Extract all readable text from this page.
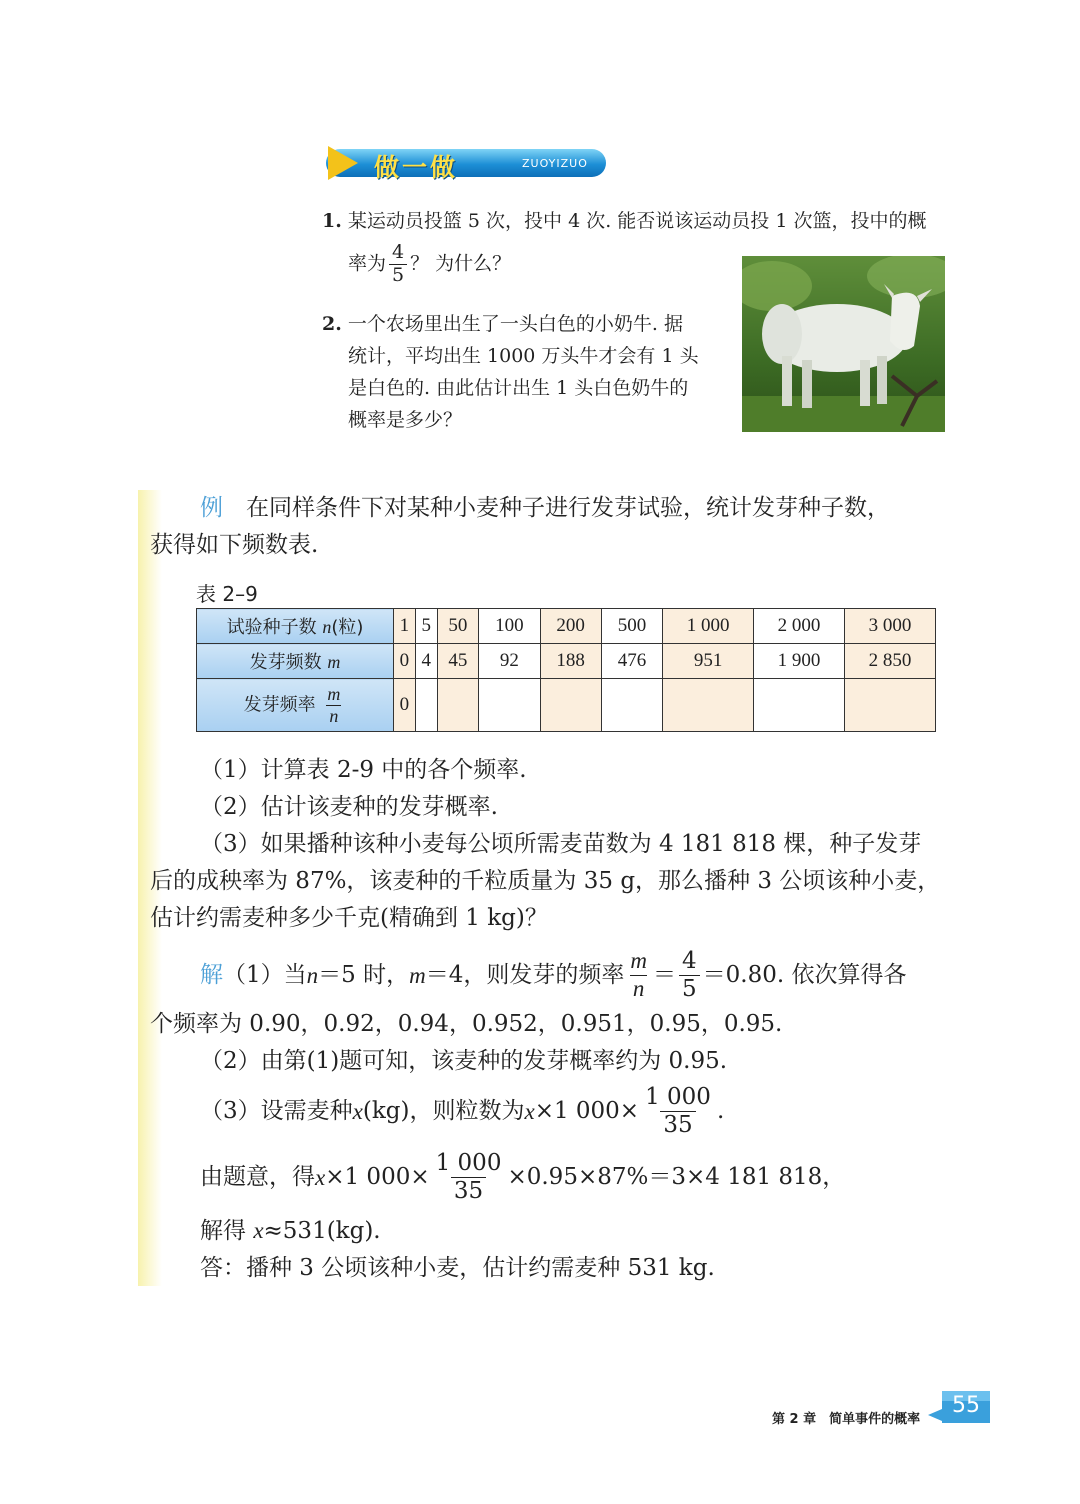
做一做	ZUOYIZUO
1. 某运动员投篮 5 次，投中 4 次. 能否说该运动员投 1 次篮，投中的概
率为 $\frac{4}{5}$ ？ 为什么？
2. 一个农场里出生了一头白色的小奶牛. 据
统计，平均出生 1000 万头牛才会有 1 头
是白色的. 由此估计出生 1 头白色奶牛的
概率是多少？
例　 在同样条件下对某种小麦种子进行发芽试验，统计发芽种子数，
获得如下频数表.
表 2–9
试验种子数 n(粒)	1	5	50	100	200	500	1 000	2 000	3 000
发芽频数 m	0	4	45	92	188	476	951	1 900	2 850
发芽频率 $\frac{m}{n}$	0								
（1）计算表 2-9 中的各个频率.
（2）估计该麦种的发芽概率.
（3）如果播种该种小麦每公顷所需麦苗数为 4 181 818 棵，种子发芽
后的成秧率为 87%，该麦种的千粒质量为 35 g，那么播种 3 公顷该种小麦，
估计约需麦种多少千克(精确到 1 kg)？
解 （1）当 n ＝5 时， m ＝4，则发芽的频率 $\frac{m}{n} = \frac{4}{5} =0.80$. 依次算得各
个频率为 0.90，0.92，0.94，0.952，0.951，0.95，0.95.
（2）由第(1)题可知，该麦种的发芽概率约为 0.95.
（3）设需麦种 x (kg)，则粒数为 x ×1 $000\times \frac{1 000}{35}$ .
由题意，得 x ×1 $000\times \frac{1 000}{35} \times 0.95\times 87\%=3\times 4$ 181 818，
解得 x≈531(kg).
答：播种 3 公顷该种小麦，估计约需麦种 531 kg.
第 2 章　简单事件的概率
55
